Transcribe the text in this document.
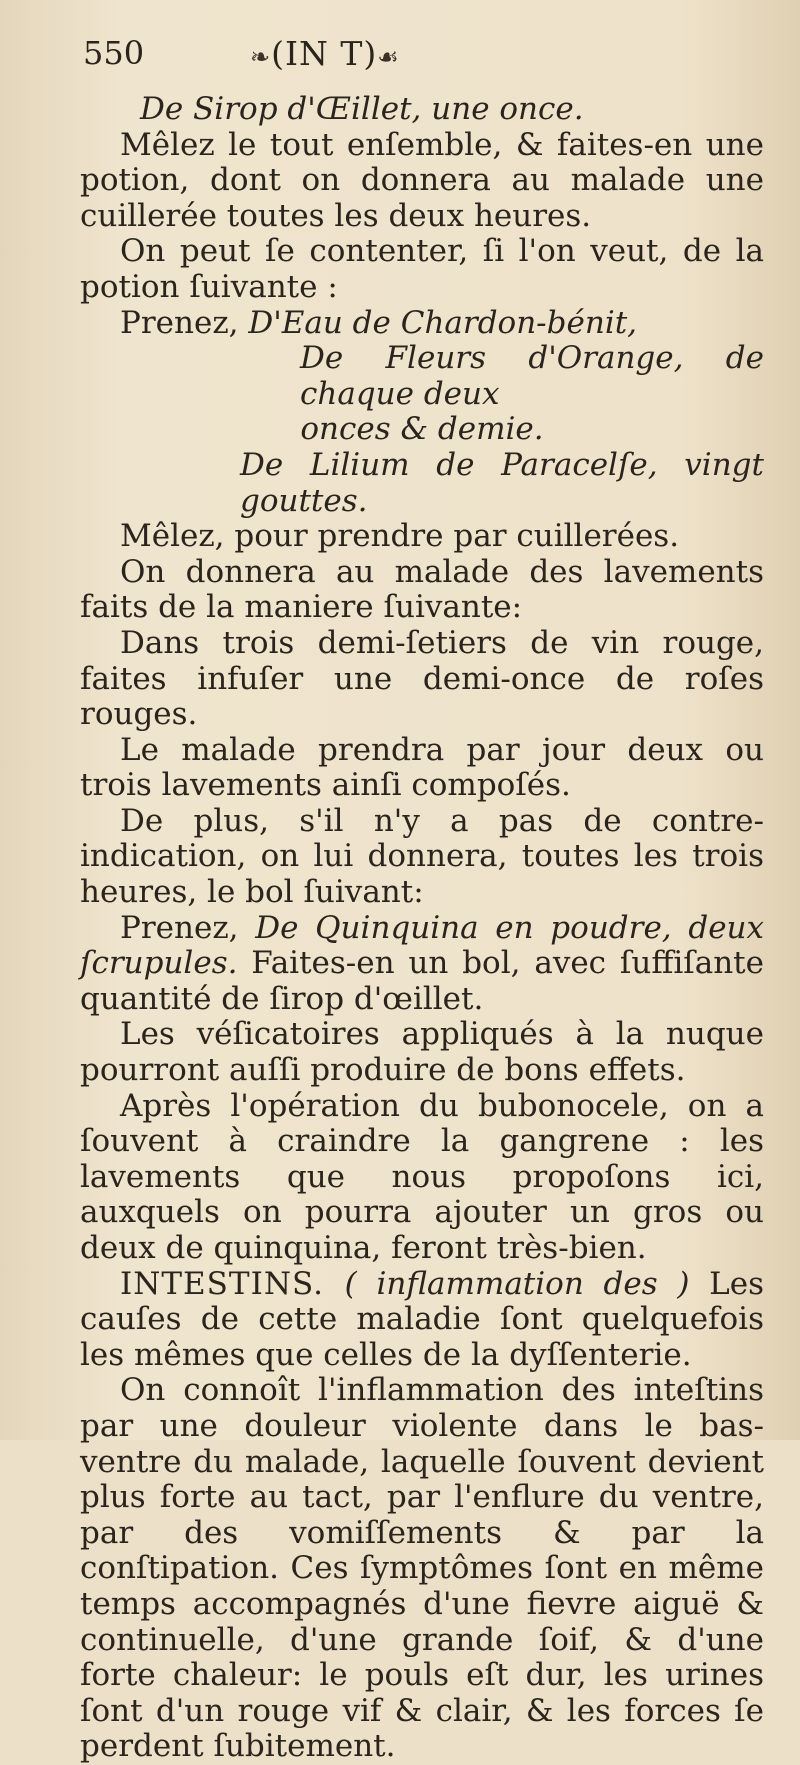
550	❧(IN T)☙

De Sirop d'Œillet, une once.

Mêlez le tout enſemble, & faites-en une potion, dont on donnera au malade une cuillerée toutes les deux heures.

On peut ſe contenter, ſi l'on veut, de la potion ſuivante :

Prenez, D'Eau de Chardon-bénit,

De Fleurs d'Orange, de chaque deux

onces & demie.

De Lilium de Paracelſe, vingt gouttes.

Mêlez, pour prendre par cuillerées.

On donnera au malade des lavements faits de la maniere ſuivante:

Dans trois demi-ſetiers de vin rouge, faites infuſer une demi-once de roſes rouges.

Le malade prendra par jour deux ou trois lavements ainſi compoſés.

De plus, s'il n'y a pas de contre-indication, on lui donnera, toutes les trois heures, le bol ſuivant:

Prenez, De Quinquina en poudre, deux ſcrupules. Faites-en un bol, avec ſuffiſante quantité de ſirop d'œillet.

Les véſicatoires appliqués à la nuque pourront auſſi produire de bons effets.

Après l'opération du bubonocele, on a ſouvent à craindre la gangrene : les lavements que nous propoſons ici, auxquels on pourra ajouter un gros ou deux de quinquina, feront très-bien.

INTESTINS. ( inflammation des ) Les cauſes de cette maladie ſont quelquefois les mêmes que celles de la dyſſenterie.

On connoît l'inflammation des inteſtins par une douleur violente dans le bas-ventre du malade, laquelle ſouvent devient plus forte au tact, par l'enflure du ventre, par des vomiſſements & par la conſtipation. Ces ſymptômes ſont en même temps accompagnés d'une fievre aiguë & continuelle, d'une grande ſoif, & d'une forte chaleur: le pouls eſt dur, les urines ſont d'un rouge vif & clair, & les forces ſe perdent ſubitement.
